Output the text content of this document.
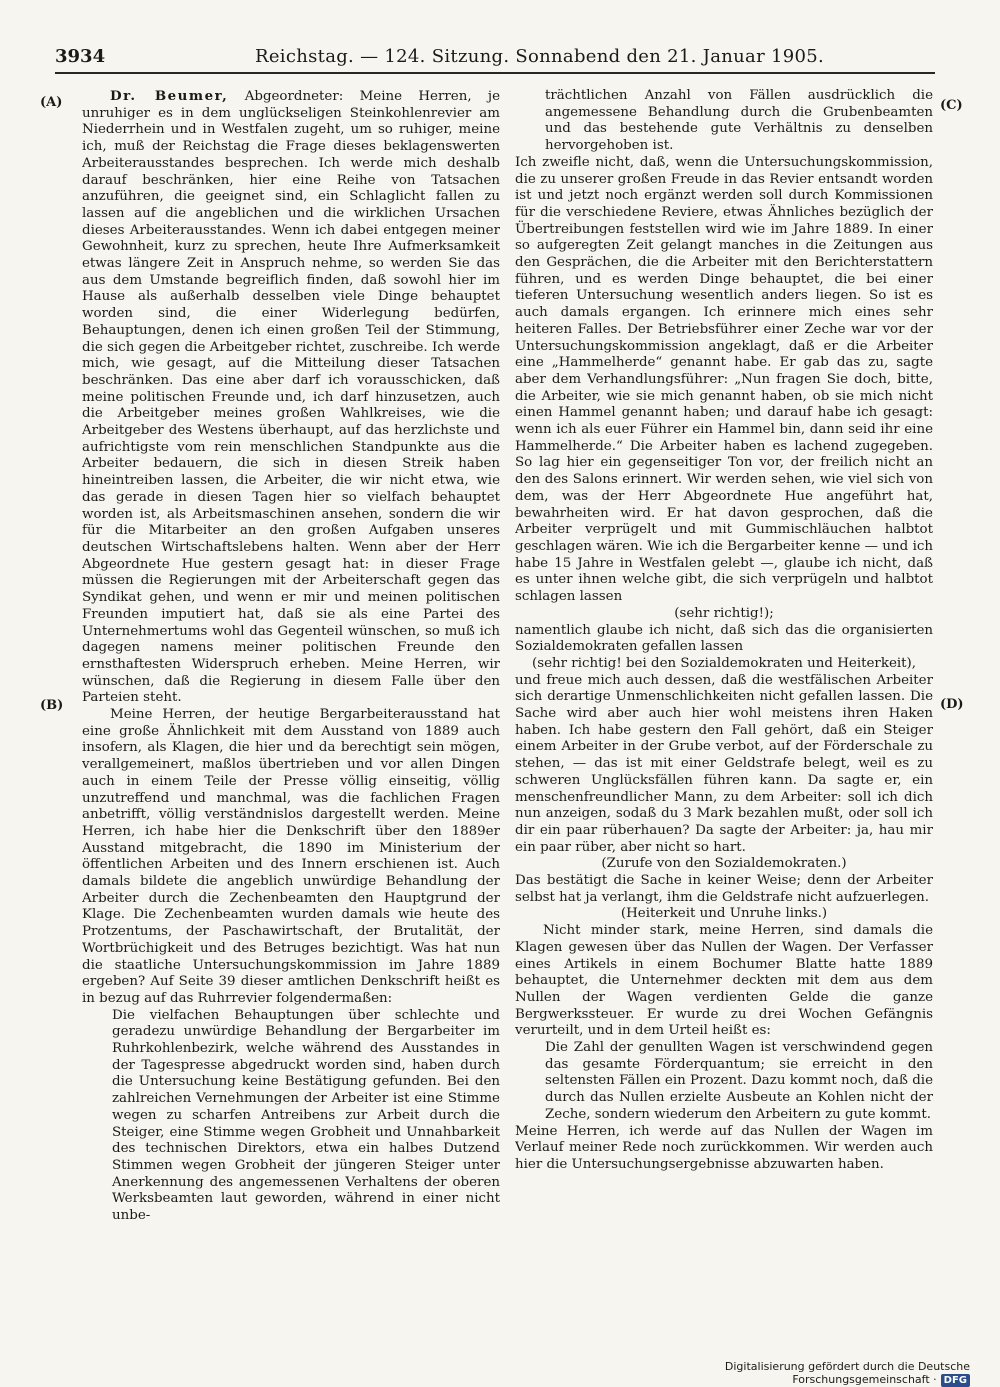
3934	Reichstag. — 124. Sitzung. Sonnabend den 21. Januar 1905.
(A)
(B)
(C)
(D)

Dr. Beumer, Abgeordneter: Meine Herren, je unruhiger es in dem unglückseligen Steinkohlenrevier am Niederrhein und in Westfalen zugeht, um so ruhiger, meine ich, muß der Reichstag die Frage dieses beklagenswerten Arbeiterausstandes besprechen. Ich werde mich deshalb darauf beschränken, hier eine Reihe von Tatsachen anzuführen, die geeignet sind, ein Schlaglicht fallen zu lassen auf die angeblichen und die wirklichen Ursachen dieses Arbeiterausstandes. Wenn ich dabei entgegen meiner Gewohnheit, kurz zu sprechen, heute Ihre Aufmerksamkeit etwas längere Zeit in Anspruch nehme, so werden Sie das aus dem Umstande begreiflich finden, daß sowohl hier im Hause als außerhalb desselben viele Dinge behauptet worden sind, die einer Widerlegung bedürfen, Behauptungen, denen ich einen großen Teil der Stimmung, die sich gegen die Arbeitgeber richtet, zuschreibe. Ich werde mich, wie gesagt, auf die Mitteilung dieser Tatsachen beschränken. Das eine aber darf ich vorausschicken, daß meine politischen Freunde und, ich darf hinzusetzen, auch die Arbeitgeber meines großen Wahlkreises, wie die Arbeitgeber des Westens überhaupt, auf das herzlichste und aufrichtigste vom rein menschlichen Standpunkte aus die Arbeiter bedauern, die sich in diesen Streik haben hineintreiben lassen, die Arbeiter, die wir nicht etwa, wie das gerade in diesen Tagen hier so vielfach behauptet worden ist, als Arbeitsmaschinen ansehen, sondern die wir für die Mitarbeiter an den großen Aufgaben unseres deutschen Wirtschaftslebens halten. Wenn aber der Herr Abgeordnete Hue gestern gesagt hat: in dieser Frage müssen die Regierungen mit der Arbeiterschaft gegen das Syndikat gehen, und wenn er mir und meinen politischen Freunden imputiert hat, daß sie als eine Partei des Unternehmertums wohl das Gegenteil wünschen, so muß ich dagegen namens meiner politischen Freunde den ernsthaftesten Widerspruch erheben. Meine Herren, wir wünschen, daß die Regierung in diesem Falle über den Parteien steht.

Meine Herren, der heutige Bergarbeiterausstand hat eine große Ähnlichkeit mit dem Ausstand von 1889 auch insofern, als Klagen, die hier und da berechtigt sein mögen, verallgemeinert, maßlos übertrieben und vor allen Dingen auch in einem Teile der Presse völlig einseitig, völlig unzutreffend und manchmal, was die fachlichen Fragen anbetrifft, völlig verständnislos dargestellt werden. Meine Herren, ich habe hier die Denkschrift über den 1889er Ausstand mitgebracht, die 1890 im Ministerium der öffentlichen Arbeiten und des Innern erschienen ist. Auch damals bildete die angeblich unwürdige Behandlung der Arbeiter durch die Zechenbeamten den Hauptgrund der Klage. Die Zechenbeamten wurden damals wie heute des Protzentums, der Paschawirtschaft, der Brutalität, der Wortbrüchigkeit und des Betruges bezichtigt. Was hat nun die staatliche Untersuchungskommission im Jahre 1889 ergeben? Auf Seite 39 dieser amtlichen Denkschrift heißt es in bezug auf das Ruhrrevier folgendermaßen:

Die vielfachen Behauptungen über schlechte und geradezu unwürdige Behandlung der Bergarbeiter im Ruhrkohlenbezirk, welche während des Ausstandes in der Tagespresse abgedruckt worden sind, haben durch die Untersuchung keine Bestätigung gefunden. Bei den zahlreichen Vernehmungen der Arbeiter ist eine Stimme wegen zu scharfen Antreibens zur Arbeit durch die Steiger, eine Stimme wegen Grobheit und Unnahbarkeit des technischen Direktors, etwa ein halbes Dutzend Stimmen wegen Grobheit der jüngeren Steiger unter Anerkennung des angemessenen Verhaltens der oberen Werksbeamten laut geworden, während in einer nicht unbe-

trächtlichen Anzahl von Fällen ausdrücklich die angemessene Behandlung durch die Grubenbeamten und das bestehende gute Verhältnis zu denselben hervorgehoben ist.

Ich zweifle nicht, daß, wenn die Untersuchungskommission, die zu unserer großen Freude in das Revier entsandt worden ist und jetzt noch ergänzt werden soll durch Kommissionen für die verschiedene Reviere, etwas Ähnliches bezüglich der Übertreibungen feststellen wird wie im Jahre 1889. In einer so aufgeregten Zeit gelangt manches in die Zeitungen aus den Gesprächen, die die Arbeiter mit den Berichterstattern führen, und es werden Dinge behauptet, die bei einer tieferen Untersuchung wesentlich anders liegen. So ist es auch damals ergangen. Ich erinnere mich eines sehr heiteren Falles. Der Betriebsführer einer Zeche war vor der Untersuchungskommission angeklagt, daß er die Arbeiter eine „Hammelherde“ genannt habe. Er gab das zu, sagte aber dem Verhandlungsführer: „Nun fragen Sie doch, bitte, die Arbeiter, wie sie mich genannt haben, ob sie mich nicht einen Hammel genannt haben; und darauf habe ich gesagt: wenn ich als euer Führer ein Hammel bin, dann seid ihr eine Hammelherde.“ Die Arbeiter haben es lachend zugegeben. So lag hier ein gegenseitiger Ton vor, der freilich nicht an den des Salons erinnert. Wir werden sehen, wie viel sich von dem, was der Herr Abgeordnete Hue angeführt hat, bewahrheiten wird. Er hat davon gesprochen, daß die Arbeiter verprügelt und mit Gummischläuchen halbtot geschlagen wären. Wie ich die Bergarbeiter kenne — und ich habe 15 Jahre in Westfalen gelebt —, glaube ich nicht, daß es unter ihnen welche gibt, die sich verprügeln und halbtot schlagen lassen

(sehr richtig!);

namentlich glaube ich nicht, daß sich das die organisierten Sozialdemokraten gefallen lassen

(sehr richtig! bei den Sozialdemokraten und Heiterkeit),

und freue mich auch dessen, daß die westfälischen Arbeiter sich derartige Unmenschlichkeiten nicht gefallen lassen. Die Sache wird aber auch hier wohl meistens ihren Haken haben. Ich habe gestern den Fall gehört, daß ein Steiger einem Arbeiter in der Grube verbot, auf der Förderschale zu stehen, — das ist mit einer Geldstrafe belegt, weil es zu schweren Unglücksfällen führen kann. Da sagte er, ein menschenfreundlicher Mann, zu dem Arbeiter: soll ich dich nun anzeigen, sodaß du 3 Mark bezahlen mußt, oder soll ich dir ein paar rüberhauen? Da sagte der Arbeiter: ja, hau mir ein paar rüber, aber nicht so hart.

(Zurufe von den Sozialdemokraten.)

Das bestätigt die Sache in keiner Weise; denn der Arbeiter selbst hat ja verlangt, ihm die Geldstrafe nicht aufzuerlegen.

(Heiterkeit und Unruhe links.)

Nicht minder stark, meine Herren, sind damals die Klagen gewesen über das Nullen der Wagen. Der Verfasser eines Artikels in einem Bochumer Blatte hatte 1889 behauptet, die Unternehmer deckten mit dem aus dem Nullen der Wagen verdienten Gelde die ganze Bergwerkssteuer. Er wurde zu drei Wochen Gefängnis verurteilt, und in dem Urteil heißt es:

Die Zahl der genullten Wagen ist verschwindend gegen das gesamte Förderquantum; sie erreicht in den seltensten Fällen ein Prozent. Dazu kommt noch, daß die durch das Nullen erzielte Ausbeute an Kohlen nicht der Zeche, sondern wiederum den Arbeitern zu gute kommt.

Meine Herren, ich werde auf das Nullen der Wagen im Verlauf meiner Rede noch zurückkommen. Wir werden auch hier die Untersuchungsergebnisse abzuwarten haben.

Digitalisierung gefördert durch die Deutsche Forschungsgemeinschaft · DFG
